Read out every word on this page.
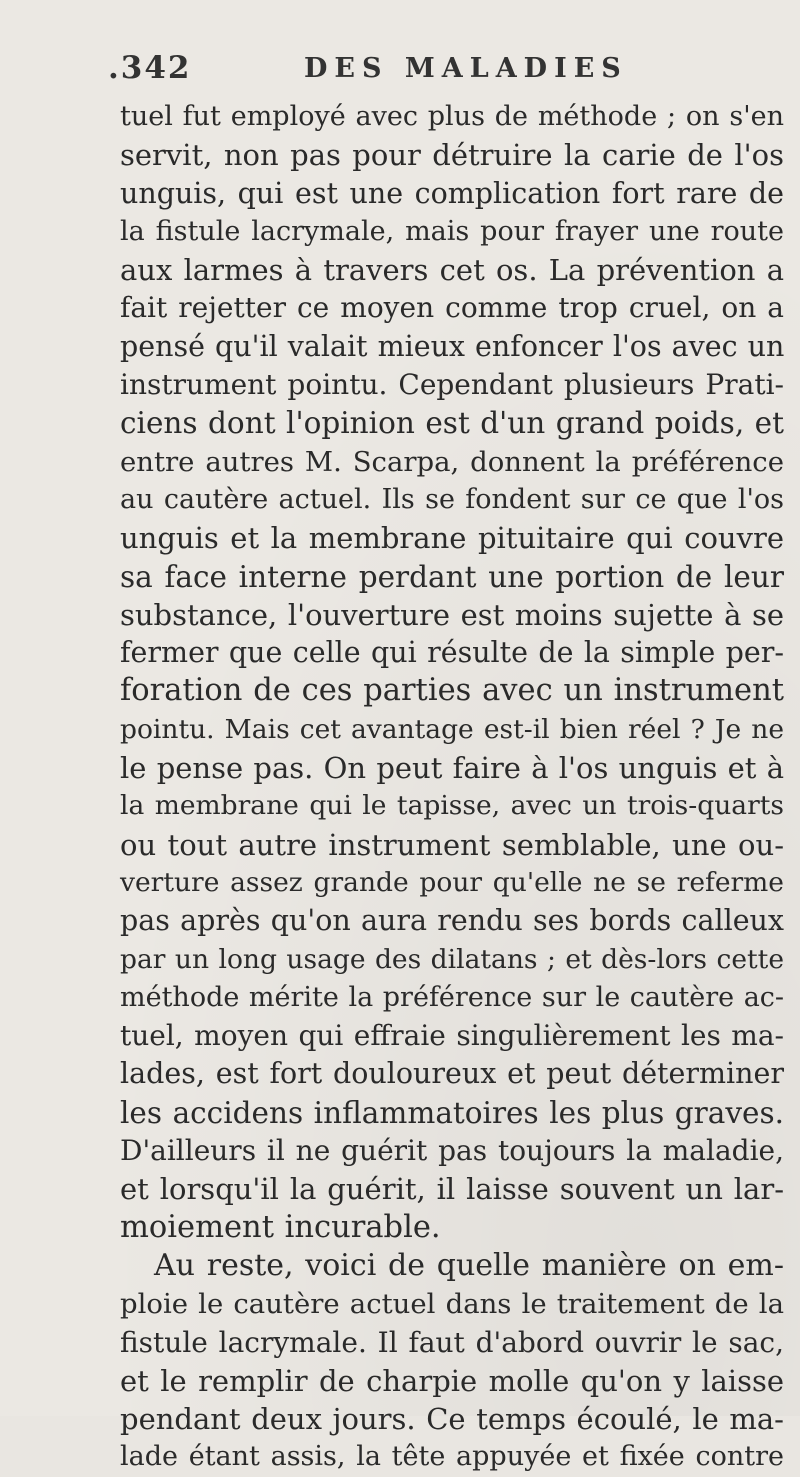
.342	DES MALADIES
tuel fut employé avec plus de méthode ; on s'en
servit, non pas pour détruire la carie de l'os
unguis, qui est une complication fort rare de
la fistule lacrymale, mais pour frayer une route
aux larmes à travers cet os. La prévention a
fait rejetter ce moyen comme trop cruel, on a
pensé qu'il valait mieux enfoncer l'os avec un
instrument pointu. Cependant plusieurs Prati-
ciens dont l'opinion est d'un grand poids, et
entre autres M. Scarpa, donnent la préférence
au cautère actuel. Ils se fondent sur ce que l'os
unguis et la membrane pituitaire qui couvre
sa face interne perdant une portion de leur
substance, l'ouverture est moins sujette à se
fermer que celle qui résulte de la simple per-
foration de ces parties avec un instrument
pointu. Mais cet avantage est-il bien réel ? Je ne
le pense pas. On peut faire à l'os unguis et à
la membrane qui le tapisse, avec un trois-quarts
ou tout autre instrument semblable, une ou-
verture assez grande pour qu'elle ne se referme
pas après qu'on aura rendu ses bords calleux
par un long usage des dilatans ; et dès-lors cette
méthode mérite la préférence sur le cautère ac-
tuel, moyen qui effraie singulièrement les ma-
lades, est fort douloureux et peut déterminer
les accidens inflammatoires les plus graves.
D'ailleurs il ne guérit pas toujours la maladie,
et lorsqu'il la guérit, il laisse souvent un lar-
moiement incurable.
Au reste, voici de quelle manière on em-
ploie le cautère actuel dans le traitement de la
fistule lacrymale. Il faut d'abord ouvrir le sac,
et le remplir de charpie molle qu'on y laisse
pendant deux jours. Ce temps écoulé, le ma-
lade étant assis, la tête appuyée et fixée contre
